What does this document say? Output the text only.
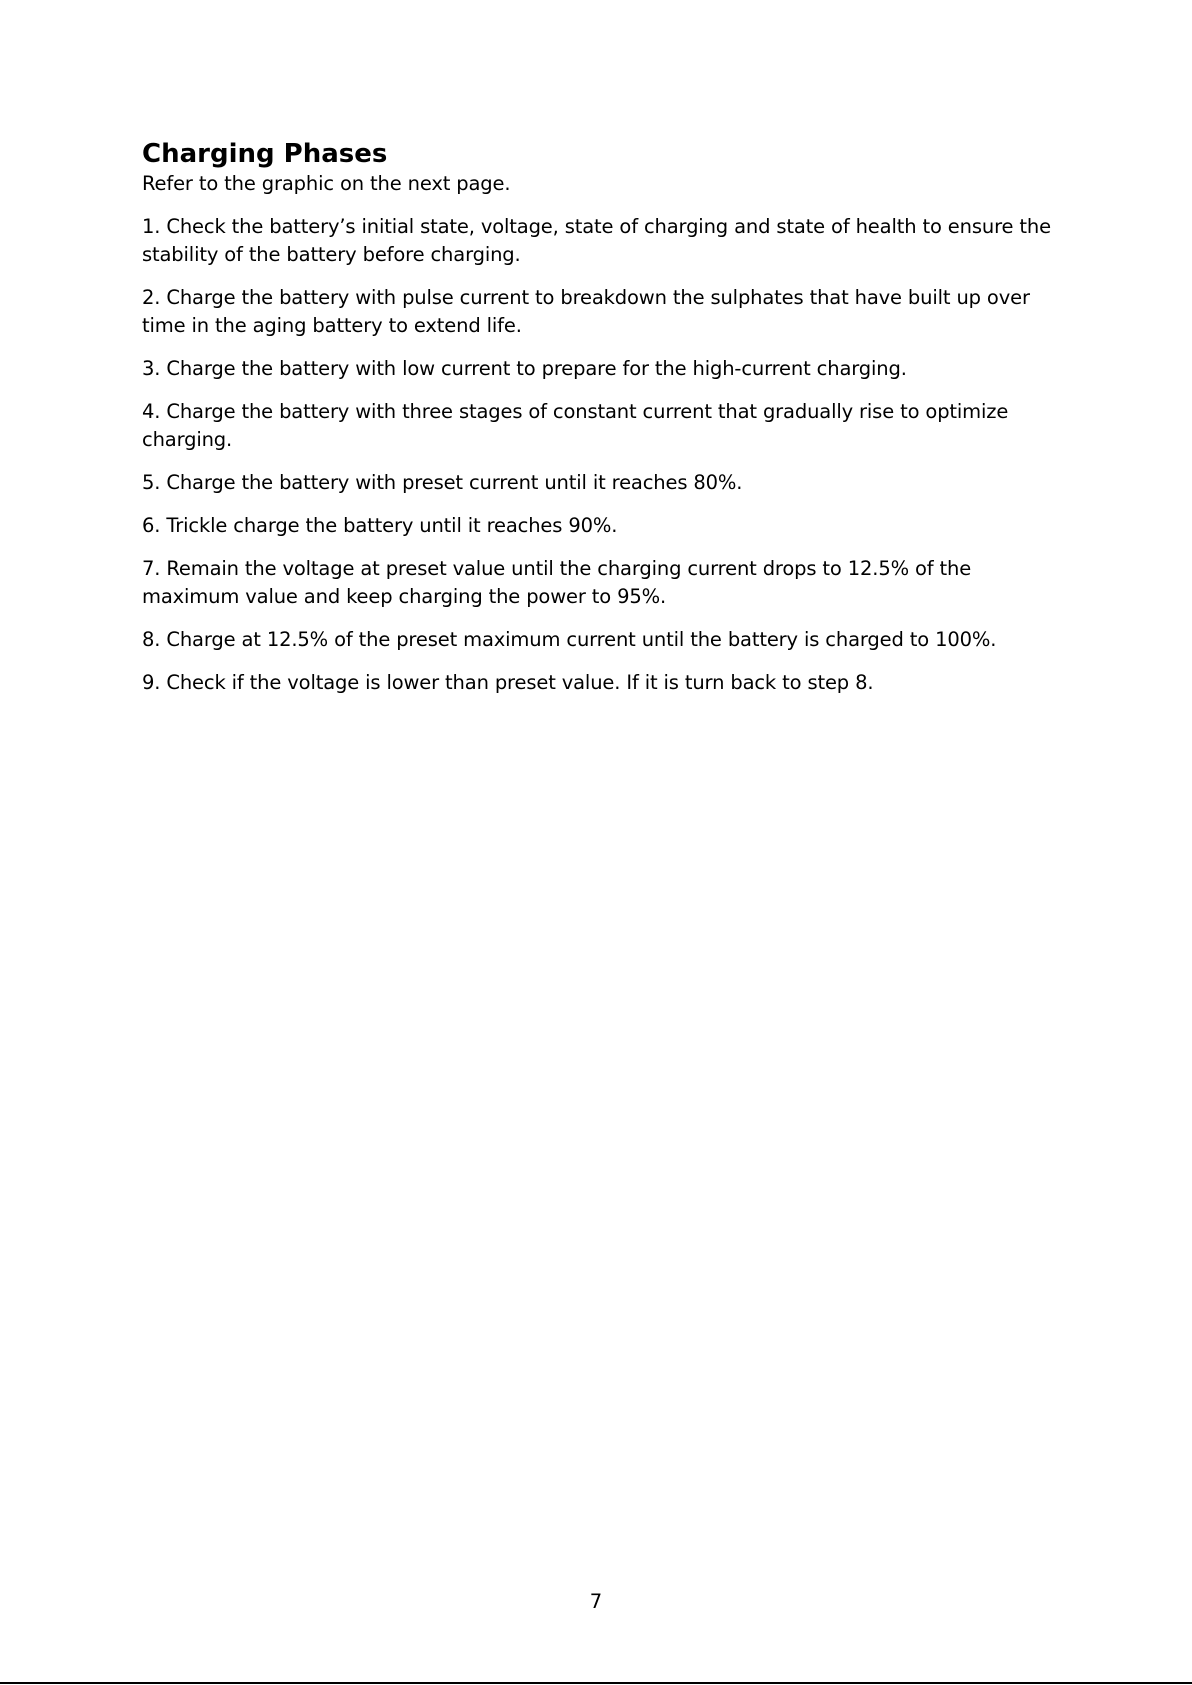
Charging Phases

Refer to the graphic on the next page.

1. Check the battery’s initial state, voltage, state of charging and state of health to ensure the stability of the battery before charging.
2. Charge the battery with pulse current to breakdown the sulphates that have built up over time in the aging battery to extend life.
3. Charge the battery with low current to prepare for the high-current charging.
4. Charge the battery with three stages of constant current that gradually rise to optimize charging.
5. Charge the battery with preset current until it reaches 80%.
6. Trickle charge the battery until it reaches 90%.
7. Remain the voltage at preset value until the charging current drops to 12.5% of the maximum value and keep charging the power to 95%.
8. Charge at 12.5% of the preset maximum current until the battery is charged to 100%.
9. Check if the voltage is lower than preset value. If it is turn back to step 8.
7
